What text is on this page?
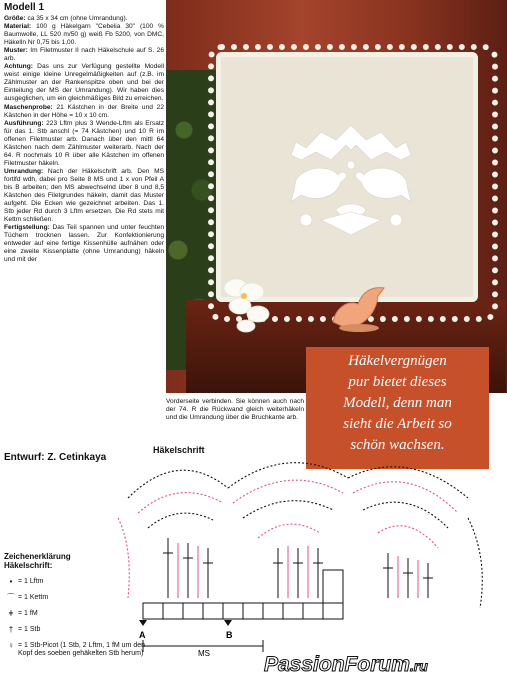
Modell 1

Größe: ca 35 x 34 cm (ohne Umrandung).

Material: 100 g Häkelgarn "Cebelia 30" (100 % Baumwolle, LL 520 m/50 g) weiß Fb 5200, von DMC, Häkelln Nr 0,75 bis 1,00.

Muster: Im Filetmuster II nach Häkelschule auf S. 26 arb.

Achtung: Das uns zur Verfügung gestellte Modell weist einige kleine Unregelmäßigkeiten auf (z.B. im Zählmuster an der Rankenspitze oben und bei der Einteilung der MS der Umrandung). Wir haben dies ausgeglichen, um ein gleichmäßiges Bild zu erreichen.

Maschenprobe: 21 Kästchen in der Breite und 22 Kästchen in der Höhe = 10 x 10 cm.

Ausführung: 223 Lftm plus 3 Wende-Lftm als Ersatz für das 1. Stb anschl (= 74 Kästchen) und 10 R im offenen Filetmuster arb. Danach über den mittl 64 Kästchen nach dem Zählmuster weiterarb. Nach der 64. R nochmals 10 R über alle Kästchen im offenen Filetmuster häkeln.

Umrandung: Nach der Häkelschrift arb. Den MS fortlfd wdh, dabei pro Seite 8 MS und 1 x von Pfeil A bis B arbeiten; den MS abwechselnd über 8 und 8,5 Kästchen des Filetgrundes häkeln, damit das Muster aufgeht. Die Ecken wie gezeichnet arbeiten. Das 1. Stb jeder Rd durch 3 Lftm ersetzen. Die Rd stets mit Kettm schließen.

Fertigstellung: Das Teil spannen und unter feuchten Tüchern trocknen lassen. Zur Konfektionierung entweder auf eine fertige Kissenhülle aufnähen oder eine zweite Kissenplatte (ohne Umrandung) häkeln und mit der

Häkelvergnügen
pur bietet dieses
Modell, denn man
sieht die Arbeit so
schön wachsen.
Vorderseite verbinden. Sie können auch nach der 74. R die Rückwand gleich weiterhäkeln und die Umrandung über die Bruchkante arb.
Entwurf: Z. Cetinkaya
Häkelschrift
B
MS
A
Zeichenerklärung
Häkelschrift:
• = 1 Lftm
⌒ = 1 Kettm
ǂ = 1 fM
† = 1 Stb
♀ = 1 Stb-Picot (1 Stb, 2 Lftm, 1 fM um den Kopf des soeben gehäkelten Stb herum)	PassionForum.ru
